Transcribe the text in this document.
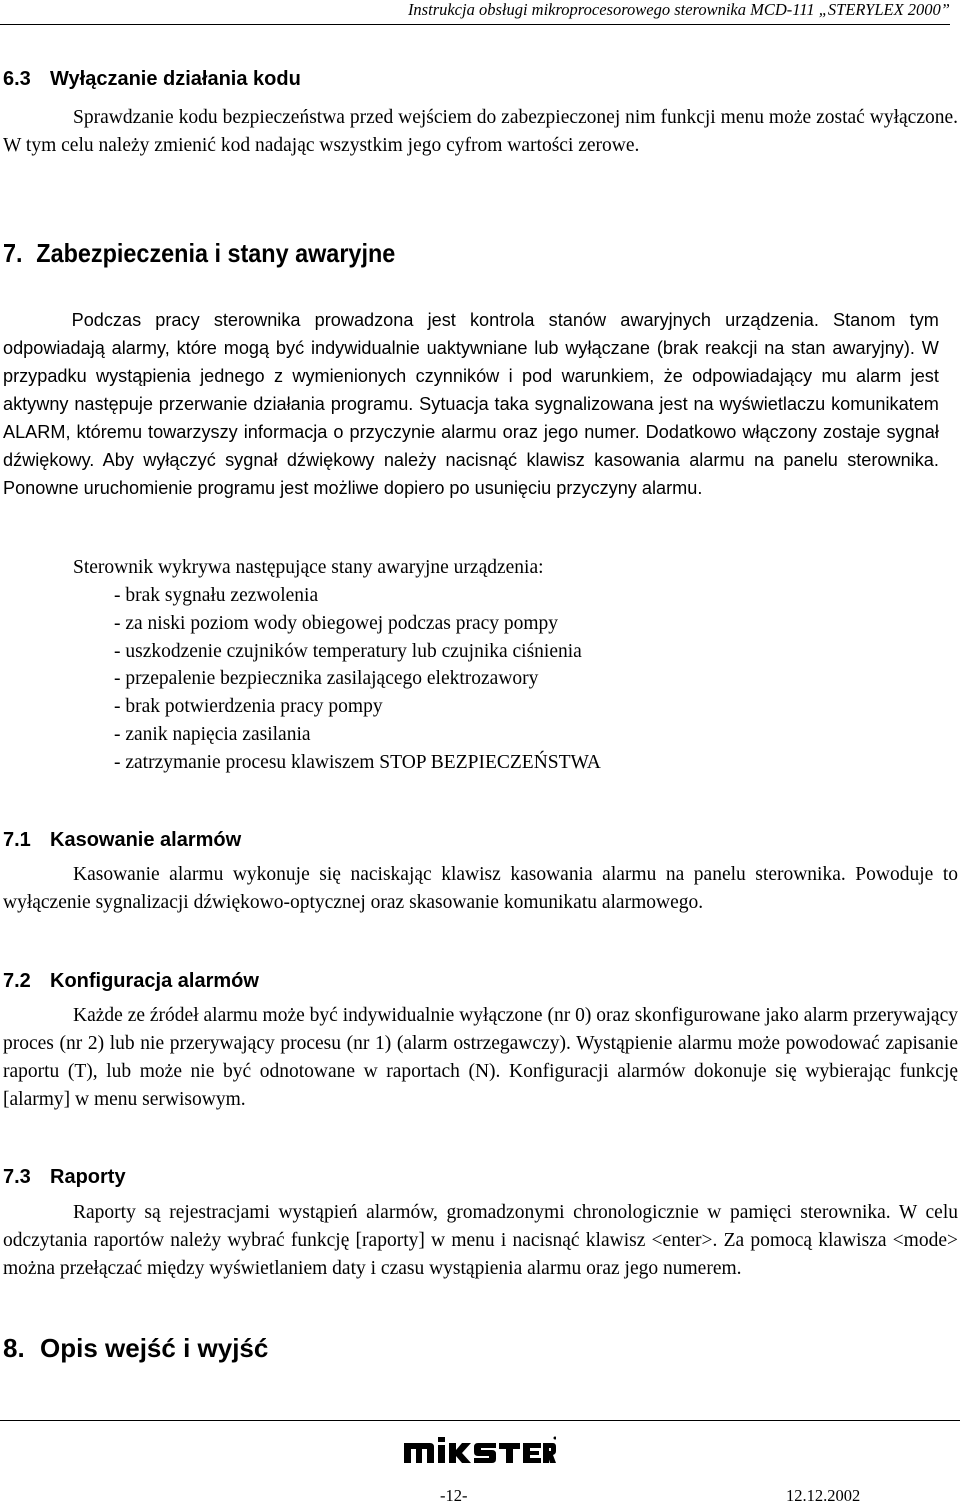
Instrukcja obsługi mikroprocesorowego sterownika MCD-111 „STERYLEX 2000”
6.3 Wyłączanie działania kodu

Sprawdzanie kodu bezpieczeństwa przed wejściem do zabezpieczonej nim funkcji menu może zostać wyłączone. W tym celu należy zmienić kod nadając wszystkim jego cyfrom wartości zerowe.

7. Zabezpieczenia i stany awaryjne

Podczas pracy sterownika prowadzona jest kontrola stanów awaryjnych urządzenia. Stanom tym odpowiadają alarmy, które mogą być indywidualnie uaktywniane lub wyłączane (brak reakcji na stan awaryjny). W przypadku wystąpienia jednego z wymienionych czynników i pod warunkiem, że odpowiadający mu alarm jest aktywny następuje przerwanie działania programu. Sytuacja taka sygnalizowana jest na wyświetlaczu komunikatem ALARM, któremu towarzyszy informacja o przyczynie alarmu oraz jego numer. Dodatkowo włączony zostaje sygnał dźwiękowy. Aby wyłączyć sygnał dźwiękowy należy nacisnąć klawisz kasowania alarmu na panelu sterownika. Ponowne uruchomienie programu jest możliwe dopiero po usunięciu przyczyny alarmu.

Sterownik wykrywa następujące stany awaryjne urządzenia:

- brak sygnału zezwolenia
- za niski poziom wody obiegowej podczas pracy pompy
- uszkodzenie czujników temperatury lub czujnika ciśnienia
- przepalenie bezpiecznika zasilającego elektrozawory
- brak potwierdzenia pracy pompy
- zanik napięcia zasilania
- zatrzymanie procesu klawiszem STOP BEZPIECZEŃSTWA
7.1 Kasowanie alarmów

Kasowanie alarmu wykonuje się naciskając klawisz kasowania alarmu na panelu sterownika. Powoduje to wyłączenie sygnalizacji dźwiękowo-optycznej oraz skasowanie komunikatu alarmowego.

7.2 Konfiguracja alarmów

Każde ze źródeł alarmu może być indywidualnie wyłączone (nr 0) oraz skonfigurowane jako alarm przerywający proces (nr 2) lub nie przerywający procesu (nr 1) (alarm ostrzegawczy). Wystąpienie alarmu może powodować zapisanie raportu (T), lub może nie być odnotowane w raportach (N). Konfiguracji alarmów dokonuje się wybierając funkcję [alarmy] w menu serwisowym.

7.3 Raporty

Raporty są rejestracjami wystąpień alarmów, gromadzonymi chronologicznie w pamięci sterownika. W celu odczytania raportów należy wybrać funkcję [raporty] w menu i nacisnąć klawisz <enter>. Za pomocą klawisza <mode> można przełączać między wyświetlaniem daty i czasu wystąpienia alarmu oraz jego numerem.

8. Opis wejść i wyjść
-12-	12.12.2002
